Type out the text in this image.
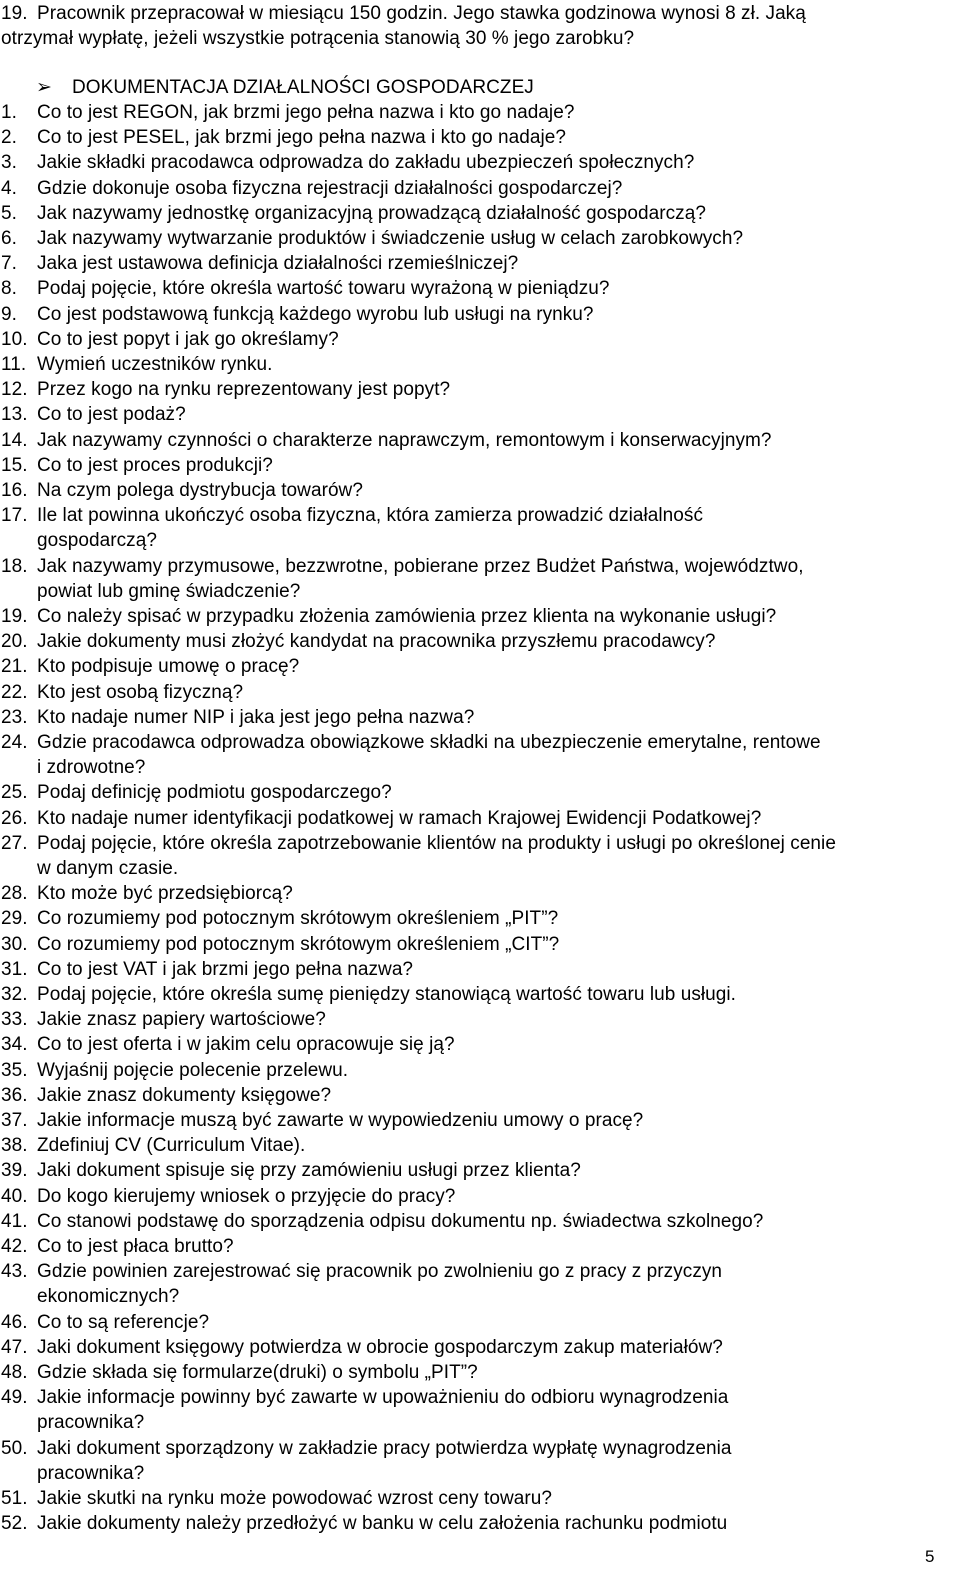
19. Pracownik przepracował w miesiącu 150 godzin. Jego stawka godzinowa wynosi 8 zł. Jaką
otrzymał wypłatę, jeżeli wszystkie potrącenia stanowią 30 % jego zarobku?
➢ DOKUMENTACJA DZIAŁALNOŚCI GOSPODARCZEJ
1. Co to jest REGON, jak brzmi jego pełna nazwa i kto go nadaje?
2. Co to jest PESEL, jak brzmi jego pełna nazwa i kto go nadaje?
3. Jakie składki pracodawca odprowadza do zakładu ubezpieczeń społecznych?
4. Gdzie dokonuje osoba fizyczna rejestracji działalności gospodarczej?
5. Jak nazywamy jednostkę organizacyjną prowadzącą działalność gospodarczą?
6. Jak nazywamy wytwarzanie produktów i świadczenie usług w celach zarobkowych?
7. Jaka jest ustawowa definicja działalności rzemieślniczej?
8. Podaj pojęcie, które określa wartość towaru wyrażoną w pieniądzu?
9. Co jest podstawową funkcją każdego wyrobu lub usługi na rynku?
10. Co to jest popyt i jak go określamy?
11. Wymień uczestników rynku.
12. Przez kogo na rynku reprezentowany jest popyt?
13. Co to jest podaż?
14. Jak nazywamy czynności o charakterze naprawczym, remontowym i konserwacyjnym?
15. Co to jest proces produkcji?
16. Na czym polega dystrybucja towarów?
17. Ile lat powinna ukończyć osoba fizyczna, która zamierza prowadzić działalność
gospodarczą?
18. Jak nazywamy przymusowe, bezzwrotne, pobierane przez Budżet Państwa, województwo,
powiat lub gminę świadczenie?
19. Co należy spisać w przypadku złożenia zamówienia przez klienta na wykonanie usługi?
20. Jakie dokumenty musi złożyć kandydat na pracownika przyszłemu pracodawcy?
21. Kto podpisuje umowę o pracę?
22. Kto jest osobą fizyczną?
23. Kto nadaje numer NIP i jaka jest jego pełna nazwa?
24. Gdzie pracodawca odprowadza obowiązkowe składki na ubezpieczenie emerytalne, rentowe
i zdrowotne?
25. Podaj definicję podmiotu gospodarczego?
26. Kto nadaje numer identyfikacji podatkowej w ramach Krajowej Ewidencji Podatkowej?
27. Podaj pojęcie, które określa zapotrzebowanie klientów na produkty i usługi po określonej cenie
w danym czasie.
28. Kto może być przedsiębiorcą?
29. Co rozumiemy pod potocznym skrótowym określeniem „PIT”?
30. Co rozumiemy pod potocznym skrótowym określeniem „CIT”?
31. Co to jest VAT i jak brzmi jego pełna nazwa?
32. Podaj pojęcie, które określa sumę pieniędzy stanowiącą wartość towaru lub usługi.
33. Jakie znasz papiery wartościowe?
34. Co to jest oferta i w jakim celu opracowuje się ją?
35. Wyjaśnij pojęcie polecenie przelewu.
36. Jakie znasz dokumenty księgowe?
37. Jakie informacje muszą być zawarte w wypowiedzeniu umowy o pracę?
38. Zdefiniuj CV (Curriculum Vitae).
39. Jaki dokument spisuje się przy zamówieniu usługi przez klienta?
40. Do kogo kierujemy wniosek o przyjęcie do pracy?
41. Co stanowi podstawę do sporządzenia odpisu dokumentu np. świadectwa szkolnego?
42. Co to jest płaca brutto?
43. Gdzie powinien zarejestrować się pracownik po zwolnieniu go z pracy z przyczyn
ekonomicznych?
46. Co to są referencje?
47. Jaki dokument księgowy potwierdza w obrocie gospodarczym zakup materiałów?
48. Gdzie składa się formularze(druki) o symbolu „PIT”?
49. Jakie informacje powinny być zawarte w upoważnieniu do odbioru wynagrodzenia
pracownika?
50. Jaki dokument sporządzony w zakładzie pracy potwierdza wypłatę wynagrodzenia
pracownika?
51. Jakie skutki na rynku może powodować wzrost ceny towaru?
52. Jakie dokumenty należy przedłożyć w banku w celu założenia rachunku podmiotu
5
